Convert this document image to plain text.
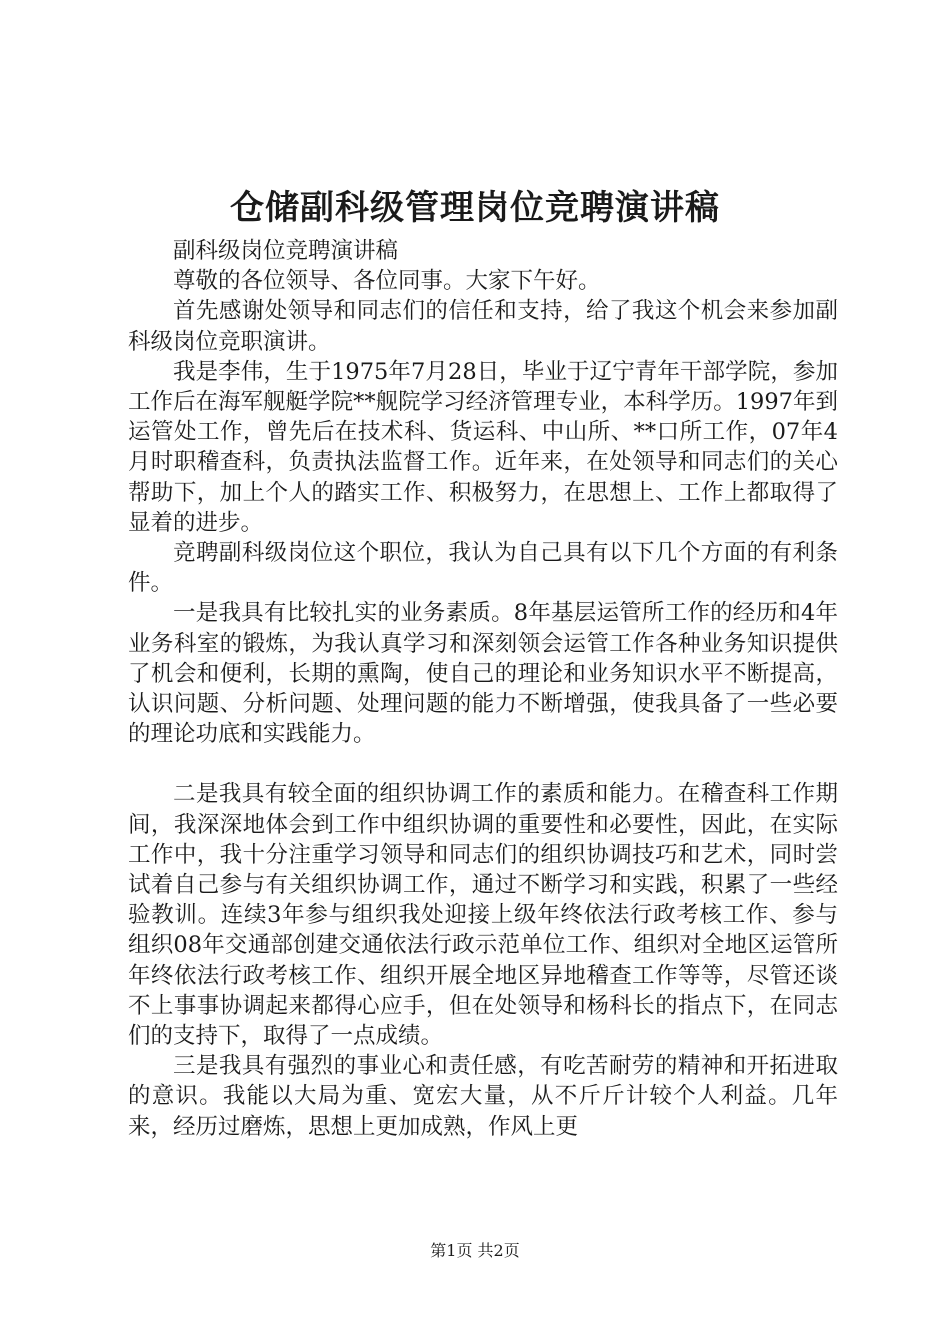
仓储副科级管理岗位竞聘演讲稿

副科级岗位竞聘演讲稿

尊敬的各位领导、各位同事。大家下午好。

首先感谢处领导和同志们的信任和支持，给了我这个机会来参加副科级岗位竞职演讲。

我是李伟，生于1975年7月28日，毕业于辽宁青年干部学院，参加工作后在海军舰艇学院**舰院学习经济管理专业，本科学历。1997年到运管处工作，曾先后在技术科、货运科、中山所、**口所工作，07年4月时职稽查科，负责执法监督工作。近年来，在处领导和同志们的关心帮助下，加上个人的踏实工作、积极努力，在思想上、工作上都取得了显着的进步。

竞聘副科级岗位这个职位，我认为自己具有以下几个方面的有利条件。

一是我具有比较扎实的业务素质。8年基层运管所工作的经历和4年业务科室的锻炼，为我认真学习和深刻领会运管工作各种业务知识提供了机会和便利，长期的熏陶，使自己的理论和业务知识水平不断提高，认识问题、分析问题、处理问题的能力不断增强，使我具备了一些必要的理论功底和实践能力。

二是我具有较全面的组织协调工作的素质和能力。在稽查科工作期间，我深深地体会到工作中组织协调的重要性和必要性，因此，在实际工作中，我十分注重学习领导和同志们的组织协调技巧和艺术，同时尝试着自己参与有关组织协调工作，通过不断学习和实践，积累了一些经验教训。连续3年参与组织我处迎接上级年终依法行政考核工作、参与组织08年交通部创建交通依法行政示范单位工作、组织对全地区运管所年终依法行政考核工作、组织开展全地区异地稽查工作等等，尽管还谈不上事事协调起来都得心应手，但在处领导和杨科长的指点下，在同志们的支持下，取得了一点成绩。

三是我具有强烈的事业心和责任感，有吃苦耐劳的精神和开拓进取的意识。我能以大局为重、宽宏大量，从不斤斤计较个人利益。几年来，经历过磨炼，思想上更加成熟，作风上更

第1页 共2页
